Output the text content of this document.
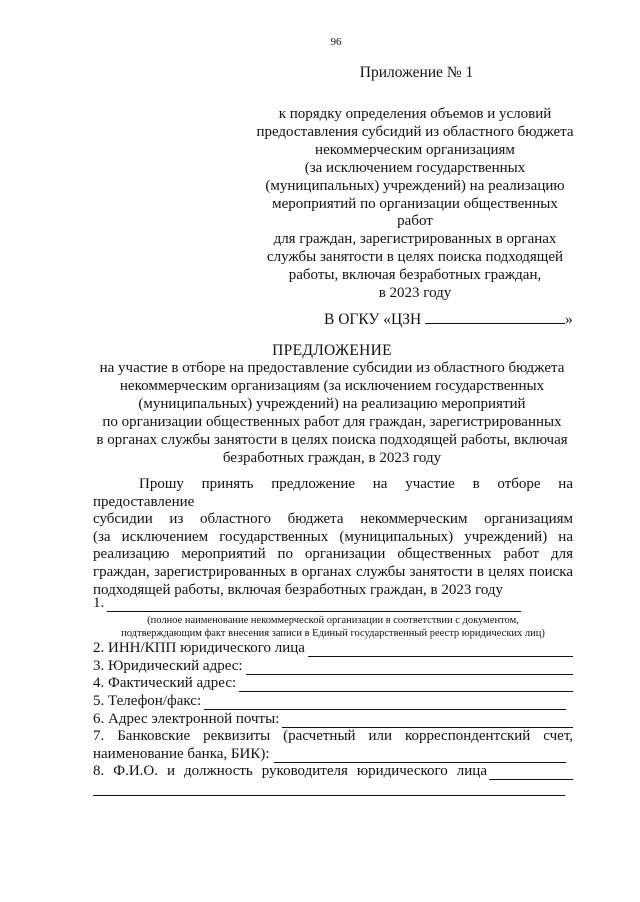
96
Приложение № 1
к порядку определения объемов и условий
предоставления субсидий из областного бюджета
некоммерческим организациям
(за исключением государственных
(муниципальных) учреждений) на реализацию
мероприятий по организации общественных работ
для граждан, зарегистрированных в органах
службы занятости в целях поиска подходящей
работы, включая безработных граждан,
в 2023 году
В ОГКУ «ЦЗН	»
ПРЕДЛОЖЕНИЕ
на участие в отборе на предоставление субсидии из областного бюджета
некоммерческим организациям (за исключением государственных
(муниципальных) учреждений) на реализацию мероприятий
по организации общественных работ для граждан, зарегистрированных
в органах службы занятости в целях поиска подходящей работы, включая
безработных граждан, в 2023 году
Прошу принять предложение на участие в отборе на предоставление
субсидии из областного бюджета некоммерческим организациям
(за исключением государственных (муниципальных) учреждений) на
реализацию мероприятий по организации общественных работ для
граждан, зарегистрированных в органах службы занятости в целях поиска
подходящей работы, включая безработных граждан, в 2023 году
1.
(полное наименование некоммерческой организации в соответствии с документом,
подтверждающим факт внесения записи в Единый государственный реестр юридических лиц)
2. ИНН/КПП юридического лица
3. Юридический адрес:
4. Фактический адрес:
5. Телефон/факс:
6. Адрес электронной почты:
7. Банковские реквизиты (расчетный или корреспондентский счет,
наименование банка, БИК):
8. Ф.И.О. и должность руководителя юридического лица
